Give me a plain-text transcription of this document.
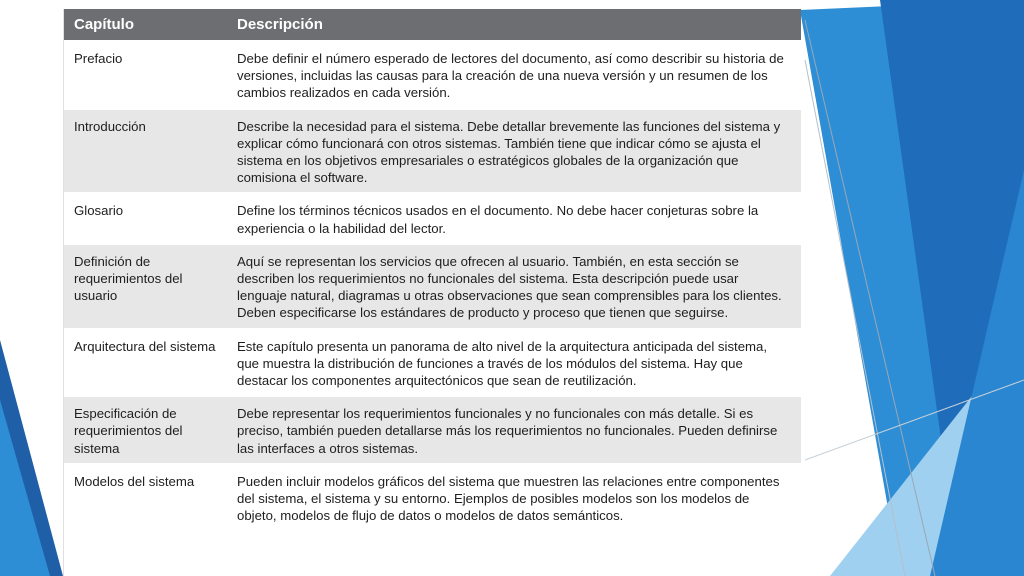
Capítulo	Descripción
Prefacio	Debe definir el número esperado de lectores del documento, así como describir su historia de versiones, incluidas las causas para la creación de una nueva versión y un resumen de los cambios realizados en cada versión.
Introducción	Describe la necesidad para el sistema. Debe detallar brevemente las funciones del sistema y explicar cómo funcionará con otros sistemas. También tiene que indicar cómo se ajusta el sistema en los objetivos empresariales o estratégicos globales de la organización que comisiona el software.
Glosario	Define los términos técnicos usados en el documento. No debe hacer conjeturas sobre la experiencia o la habilidad del lector.
Definición de requerimientos del usuario	Aquí se representan los servicios que ofrecen al usuario. También, en esta sección se describen los requerimientos no funcionales del sistema. Esta descripción puede usar lenguaje natural, diagramas u otras observaciones que sean comprensibles para los clientes. Deben especificarse los estándares de producto y proceso que tienen que seguirse.
Arquitectura del sistema	Este capítulo presenta un panorama de alto nivel de la arquitectura anticipada del sistema, que muestra la distribución de funciones a través de los módulos del sistema. Hay que destacar los componentes arquitectónicos que sean de reutilización.
Especificación de requerimientos del sistema	Debe representar los requerimientos funcionales y no funcionales con más detalle. Si es preciso, también pueden detallarse más los requerimientos no funcionales. Pueden definirse las interfaces a otros sistemas.
Modelos del sistema	Pueden incluir modelos gráficos del sistema que muestren las relaciones entre componentes del sistema, el sistema y su entorno. Ejemplos de posibles modelos son los modelos de objeto, modelos de flujo de datos o modelos de datos semánticos.
